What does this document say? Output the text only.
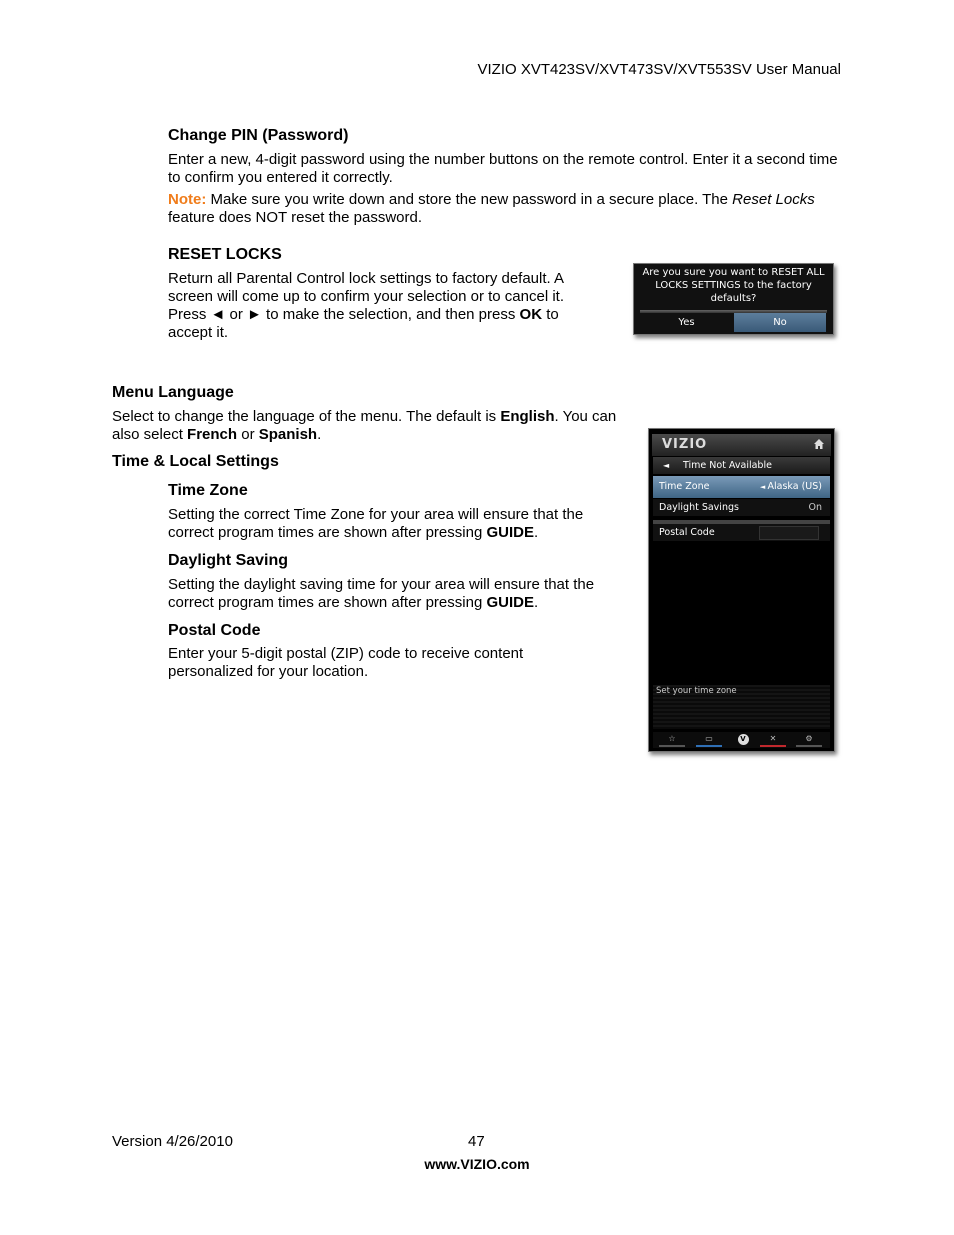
VIZIO XVT423SV/XVT473SV/XVT553SV User Manual
Change PIN (Password)

Enter a new, 4-digit password using the number buttons on the remote control. Enter it a second time to confirm you entered it correctly.

Note: Make sure you write down and store the new password in a secure place. The Reset Locks feature does NOT reset the password.

RESET LOCKS

Return all Parental Control lock settings to factory default. A screen will come up to confirm your selection or to cancel it. Press ◄ or ► to make the selection, and then press OK to accept it.

Are you sure you want to RESET ALL LOCKS SETTINGS to the factory defaults?
Yes	No
Menu Language

Select to change the language of the menu. The default is English. You can also select French or Spanish.

Time & Local Settings
Time Zone

Setting the correct Time Zone for your area will ensure that the correct program times are shown after pressing GUIDE.

Daylight Saving

Setting the daylight saving time for your area will ensure that the correct program times are shown after pressing GUIDE.

Postal Code

Enter your 5-digit postal (ZIP) code to receive content personalized for your location.

VIZIO
◄ Time Not Available
Time Zone	◄ Alaska (US)
Daylight Savings	On
Postal Code
Set your time zone
☆	▭	V	✕	⚙
Version 4/26/2010	47
www.VIZIO.com
